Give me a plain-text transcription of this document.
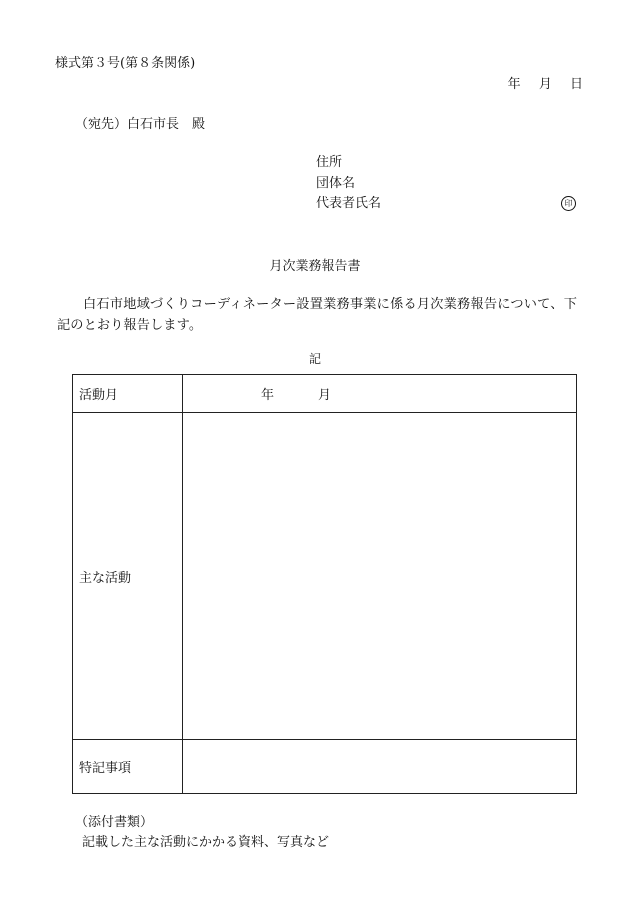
様式第３号(第８条関係)
年 月 日
（宛先）白石市長　殿
住所
団体名
代表者氏名	印
月次業務報告書
白石市地域づくりコーディネーター設置業務事業に係る月次業務報告について、下記のとおり報告します。
記
活動月	年 月
主な活動	
特記事項	
（添付書類）
記載した主な活動にかかる資料、写真など
